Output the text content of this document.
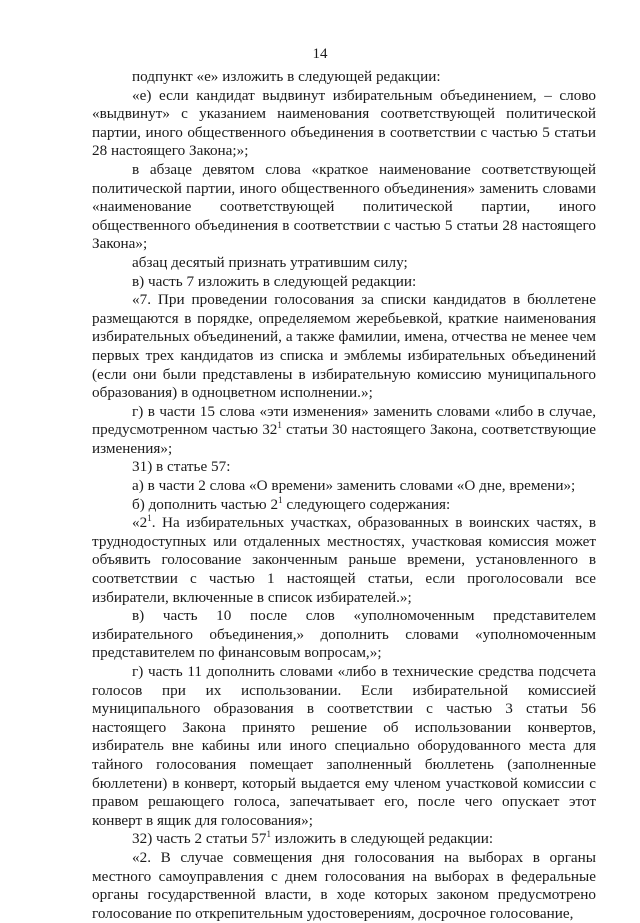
14

подпункт «е» изложить в следующей редакции:

«е) если кандидат выдвинут избирательным объединением, – слово «выдвинут» с указанием наименования соответствующей политической партии, иного общественного объединения в соответствии с частью 5 статьи 28 настоящего Закона;»;

в абзаце девятом слова «краткое наименование соответствующей политической партии, иного общественного объединения» заменить словами «наименование соответствующей политической партии, иного общественного объединения в соответствии с частью 5 статьи 28 настоящего Закона»;

абзац десятый признать утратившим силу;

в) часть 7 изложить в следующей редакции:

«7. При проведении голосования за списки кандидатов в бюллетене размещаются в порядке, определяемом жеребьевкой, краткие наименования избирательных объединений, а также фамилии, имена, отчества не менее чем первых трех кандидатов из списка и эмблемы избирательных объединений (если они были представлены в избирательную комиссию муниципального образования) в одноцветном исполнении.»;

г) в части 15 слова «эти изменения» заменить словами «либо в случае, предусмотренном частью $32^1$ статьи 30 настоящего Закона, соответствующие изменения»;

31) в статье 57:

а) в части 2 слова «О времени» заменить словами «О дне, времени»;

б) дополнить частью $2^1$ следующего содержания:

«$2^1$. На избирательных участках, образованных в воинских частях, в труднодоступных или отдаленных местностях, участковая комиссия может объявить голосование законченным раньше времени, установленного в соответствии с частью 1 настоящей статьи, если проголосовали все избиратели, включенные в список избирателей.»;

в) часть 10 после слов «уполномоченным представителем избирательного объединения,» дополнить словами «уполномоченным представителем по финансовым вопросам,»;

г) часть 11 дополнить словами «либо в технические средства подсчета голосов при их использовании. Если избирательной комиссией муниципального образования в соответствии с частью 3 статьи 56 настоящего Закона принято решение об использовании конвертов, избиратель вне кабины или иного специально оборудованного места для тайного голосования помещает заполненный бюллетень (заполненные бюллетени) в конверт, который выдается ему членом участковой комиссии с правом решающего голоса, запечатывает его, после чего опускает этот конверт в ящик для голосования»;

32) часть 2 статьи $57^1$ изложить в следующей редакции:

«2. В случае совмещения дня голосования на выборах в органы местного самоуправления с днем голосования на выборах в федеральные органы государственной власти, в ходе которых законом предусмотрено голосование по открепительным удостоверениям, досрочное голосование,
